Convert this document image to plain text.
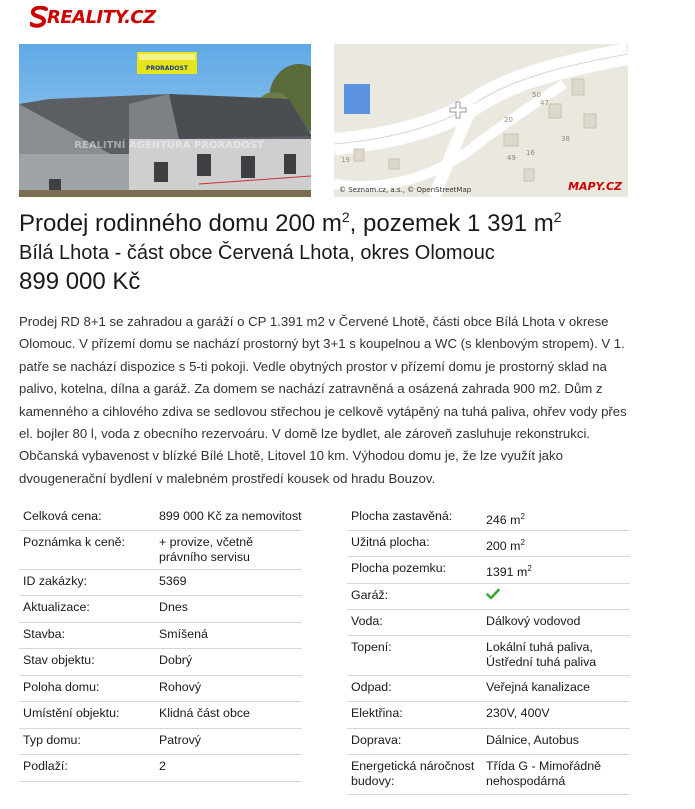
REALITY.CZ
PRORADOST
REALITNÍ AGENTURA PRORADOST
50
47
20
49
16
38
19
© Seznam.cz, a.s., © OpenStreetMap	MAPY.CZ
Prodej rodinného domu 200 $m^2$, pozemek 1 391 $m^2$
Bílá Lhota - část obce Červená Lhota, okres Olomouc
899 000 Kč

Prodej RD 8+1 se zahradou a garáží o CP 1.391 m2 v Červené Lhotě, části obce Bílá Lhota v okrese Olomouc. V přízemí domu se nachází prostorný byt 3+1 s koupelnou a WC (s klenbovým stropem). V 1. patře se nachází dispozice s 5-ti pokoji. Vedle obytných prostor v přízemí domu je prostorný sklad na palivo, kotelna, dílna a garáž. Za domem se nachází zatravněná a osázená zahrada 900 m2. Dům z kamenného a cihlového zdiva se sedlovou střechou je celkově vytápěný na tuhá paliva, ohřev vody přes el. bojler 80 l, voda z obecního rezervoáru. V domě lze bydlet, ale zároveň zasluhuje rekonstrukci. Občanská vybavenost v blízké Bílé Lhotě, Litovel 10 km. Výhodou domu je, že lze využít jako dvougenerační bydlení v malebném prostředí kousek od hradu Bouzov.

Celková cena:	899 000 Kč za nemovitost
Poznámka k ceně:	+ provize, včetně právního servisu
ID zakázky:	5369
Aktualizace:	Dnes
Stavba:	Smíšená
Stav objektu:	Dobrý
Poloha domu:	Rohový
Umístění objektu:	Klidná část obce
Typ domu:	Patrový
Podlaží:	2
Plocha zastavěná:	246 $m^2$
Užitná plocha:	200 $m^2$
Plocha pozemku:	1391 $m^2$
Garáž:
Voda:	Dálkový vodovod
Topení:	Lokální tuhá paliva, Ústřední tuhá paliva
Odpad:	Veřejná kanalizace
Elektřina:	230V, 400V
Doprava:	Dálnice, Autobus
Energetická náročnost budovy:
Třída G - Mimořádně nehospodárná
